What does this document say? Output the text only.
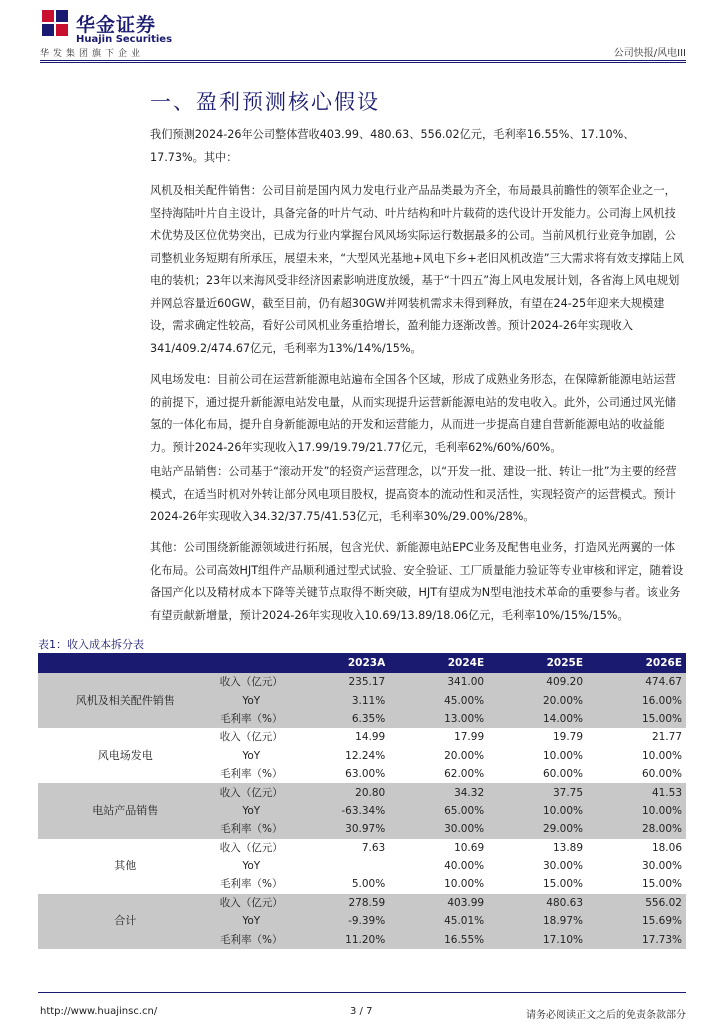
华金证券
Huajin Securities
华发集团旗下企业	公司快报/风电III
一、盈利预测核心假设

我们预测2024-26年公司整体营收403.99、480.63、556.02亿元，毛利率16.55%、17.10%、17.73%。其中：

风机及相关配件销售：公司目前是国内风力发电行业产品品类最为齐全，布局最具前瞻性的领军企业之一，坚持海陆叶片自主设计，具备完备的叶片气动、叶片结构和叶片载荷的迭代设计开发能力。公司海上风机技术优势及区位优势突出，已成为行业内掌握台风风场实际运行数据最多的公司。当前风机行业竞争加剧，公司整机业务短期有所承压，展望未来，“大型风光基地+风电下乡+老旧风机改造”三大需求将有效支撑陆上风电的装机；23年以来海风受非经济因素影响进度放缓，基于“十四五”海上风电发展计划，各省海上风电规划并网总容量近60GW，截至目前，仍有超30GW并网装机需求未得到释放，有望在24-25年迎来大规模建设，需求确定性较高，看好公司风机业务重拾增长，盈利能力逐渐改善。预计2024-26年实现收入341/409.2/474.67亿元，毛利率为13%/14%/15%。

风电场发电：目前公司在运营新能源电站遍布全国各个区域，形成了成熟业务形态，在保障新能源电站运营的前提下，通过提升新能源电站发电量，从而实现提升运营新能源电站的发电收入。此外，公司通过风光储氢的一体化布局，提升自身新能源电站的开发和运营能力，从而进一步提高自建自营新能源电站的收益能力。预计2024-26年实现收入17.99/19.79/21.77亿元，毛利率62%/60%/60%。

电站产品销售：公司基于“滚动开发”的轻资产运营理念，以“开发一批、建设一批、转让一批”为主要的经营模式，在适当时机对外转让部分风电项目股权，提高资本的流动性和灵活性，实现轻资产的运营模式。预计2024-26年实现收入34.32/37.75/41.53亿元，毛利率30%/29.00%/28%。

其他：公司围绕新能源领域进行拓展，包含光伏、新能源电站EPC业务及配售电业务，打造风光两翼的一体化布局。公司高效HJT组件产品顺利通过型式试验、安全验证、工厂质量能力验证等专业审核和评定，随着设备国产化以及精材成本下降等关键节点取得不断突破，HJT有望成为N型电池技术革命的重要参与者。该业务有望贡献新增量，预计2024-26年实现收入10.69/13.89/18.06亿元，毛利率10%/15%/15%。

表1：收入成本拆分表
		2023A	2024E	2025E	2026E
风机及相关配件销售	收入（亿元）	235.17	341.00	409.20	474.67
	YoY	3.11%	45.00%	20.00%	16.00%
	毛利率（%）	6.35%	13.00%	14.00%	15.00%
风电场发电	收入（亿元）	14.99	17.99	19.79	21.77
	YoY	12.24%	20.00%	10.00%	10.00%
	毛利率（%）	63.00%	62.00%	60.00%	60.00%
电站产品销售	收入（亿元）	20.80	34.32	37.75	41.53
	YoY	-63.34%	65.00%	10.00%	10.00%
	毛利率（%）	30.97%	30.00%	29.00%	28.00%
其他	收入（亿元）	7.63	10.69	13.89	18.06
	YoY		40.00%	30.00%	30.00%
	毛利率（%）	5.00%	10.00%	15.00%	15.00%
合计	收入（亿元）	278.59	403.99	480.63	556.02
	YoY	-9.39%	45.01%	18.97%	15.69%
	毛利率（%）	11.20%	16.55%	17.10%	17.73%
http://www.huajinsc.cn/	3 / 7	请务必阅读正文之后的免责条款部分
